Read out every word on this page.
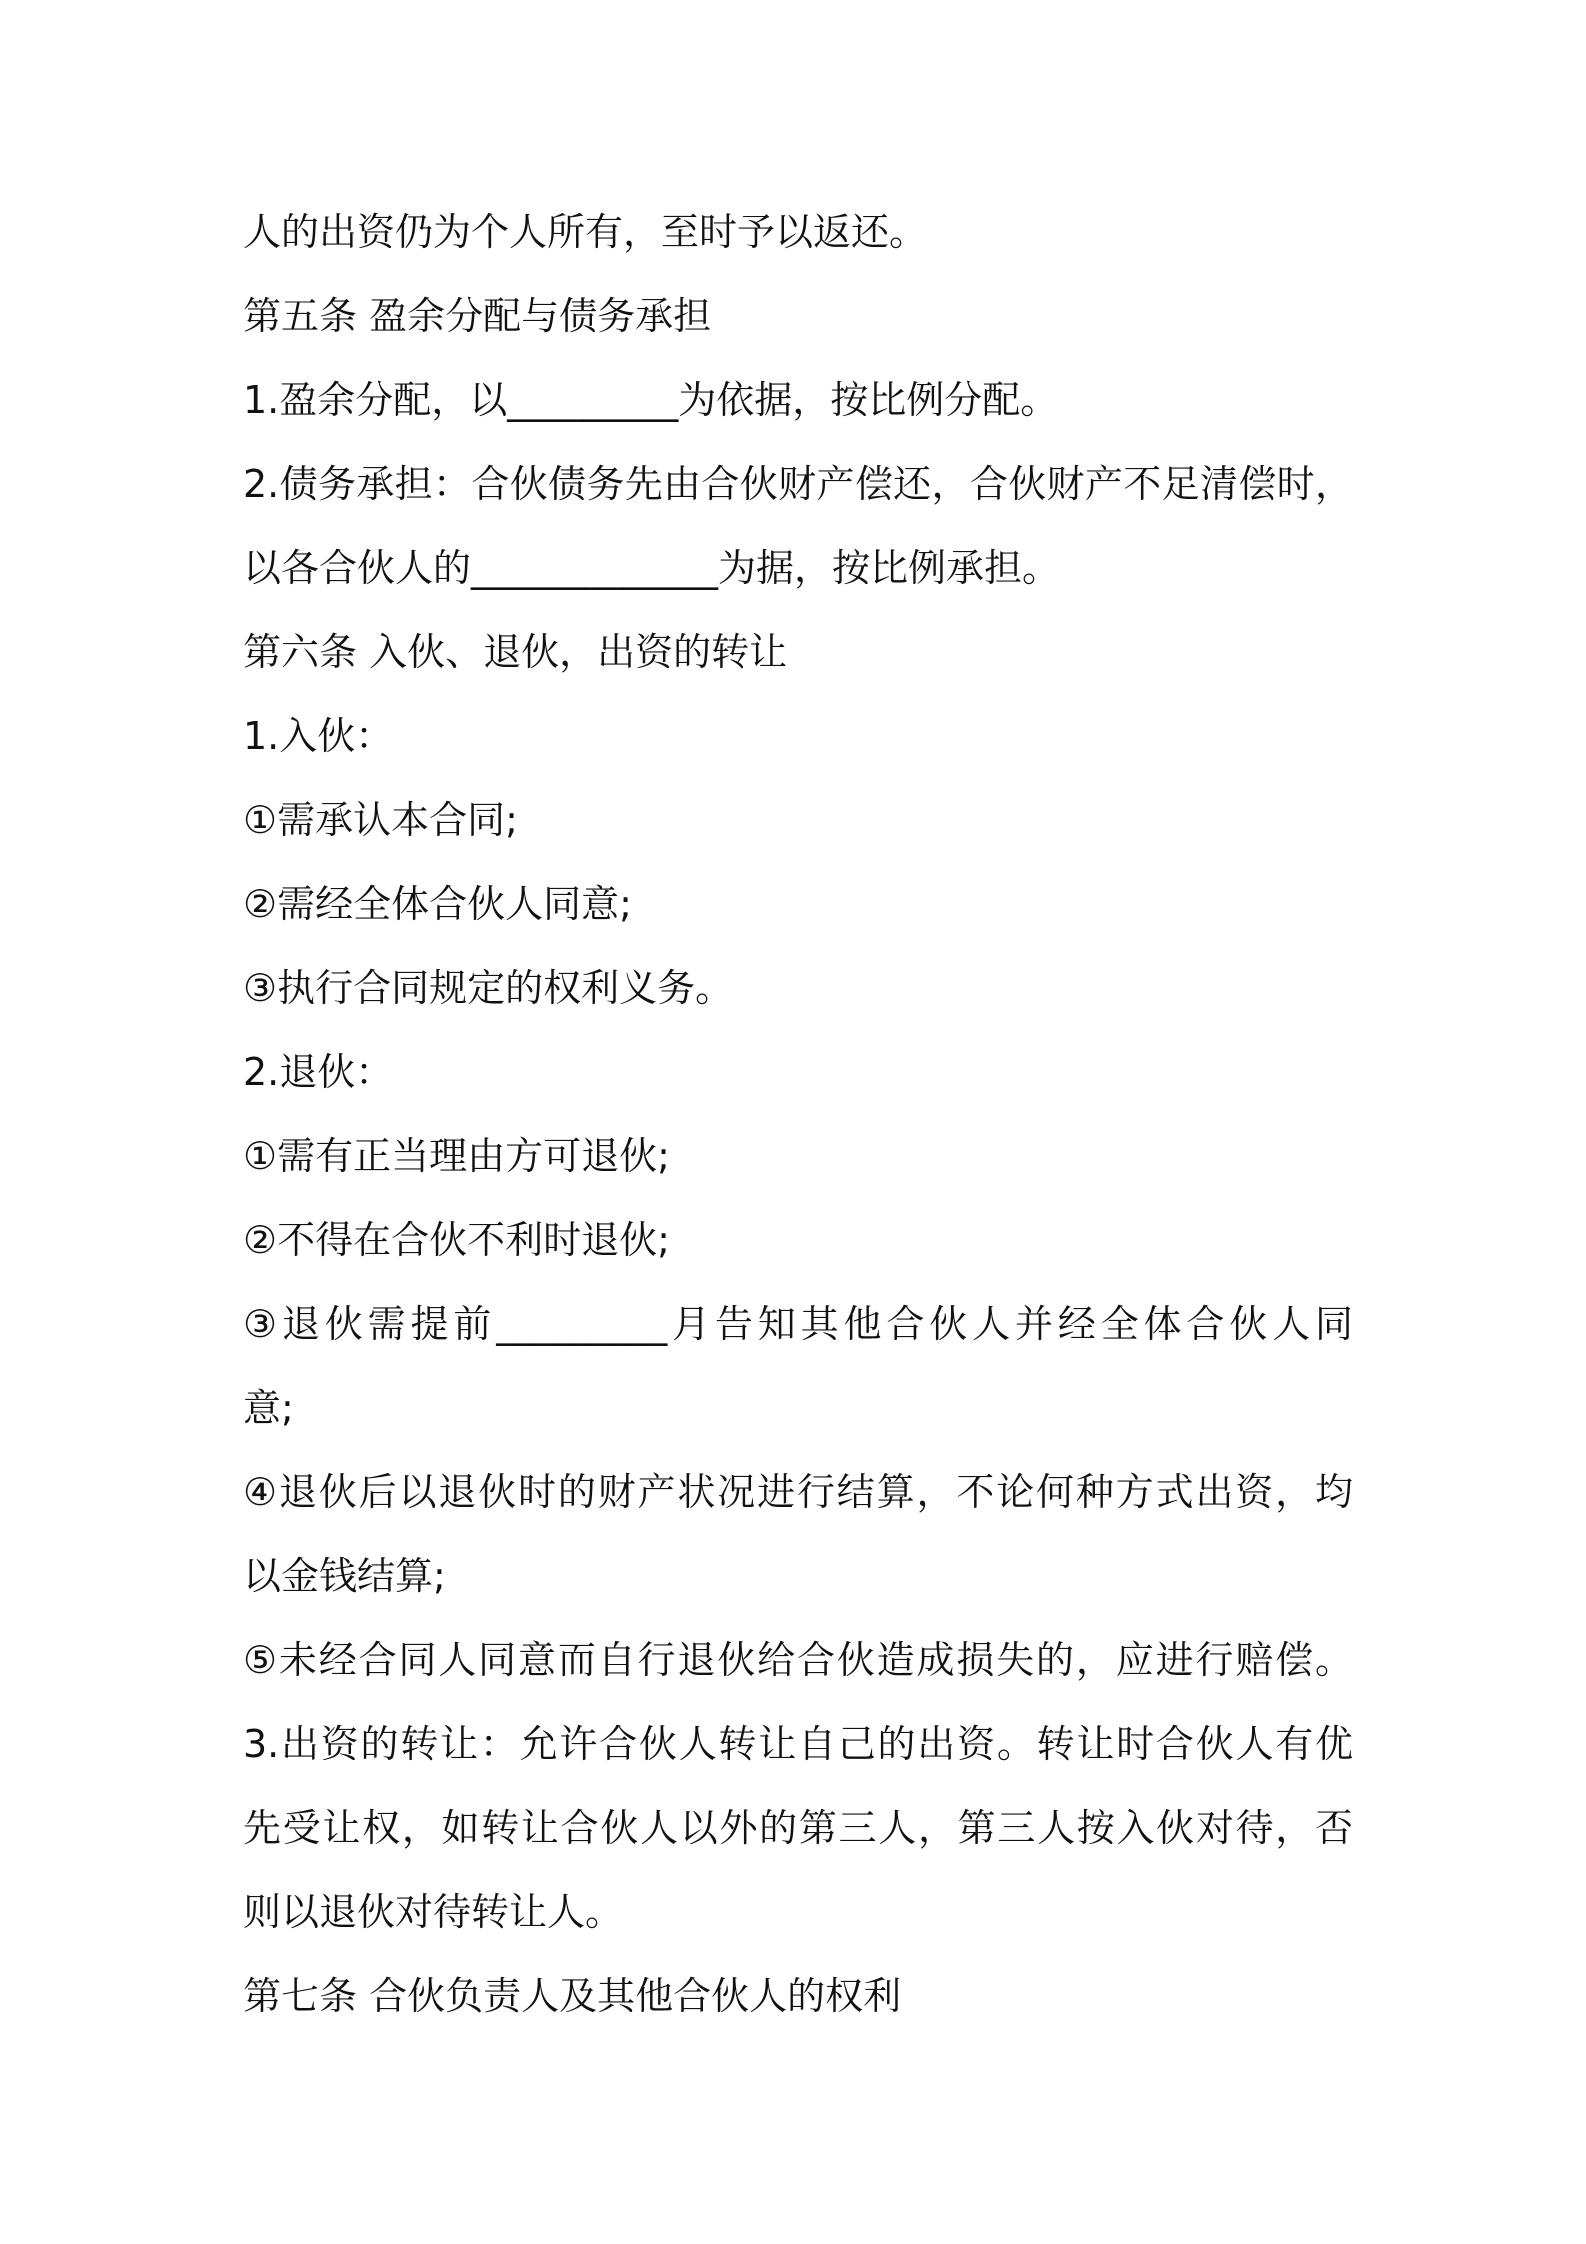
人的出资仍为个人所有，至时予以返还。
第五条 盈余分配与债务承担
1.盈余分配，以_________为依据，按比例分配。
2.债务承担：合伙债务先由合伙财产偿还，合伙财产不足清偿时，
以各合伙人的_____________为据，按比例承担。
第六条 入伙、退伙，出资的转让
1.入伙：
①需承认本合同;
②需经全体合伙人同意;
③执行合同规定的权利义务。
2.退伙：
①需有正当理由方可退伙;
②不得在合伙不利时退伙;
③退伙需提前_________月告知其他合伙人并经全体合伙人同
意;
④退伙后以退伙时的财产状况进行结算，不论何种方式出资，均
以金钱结算;
⑤未经合同人同意而自行退伙给合伙造成损失的，应进行赔偿。
3.出资的转让：允许合伙人转让自己的出资。转让时合伙人有优
先受让权，如转让合伙人以外的第三人，第三人按入伙对待，否
则以退伙对待转让人。
第七条 合伙负责人及其他合伙人的权利
